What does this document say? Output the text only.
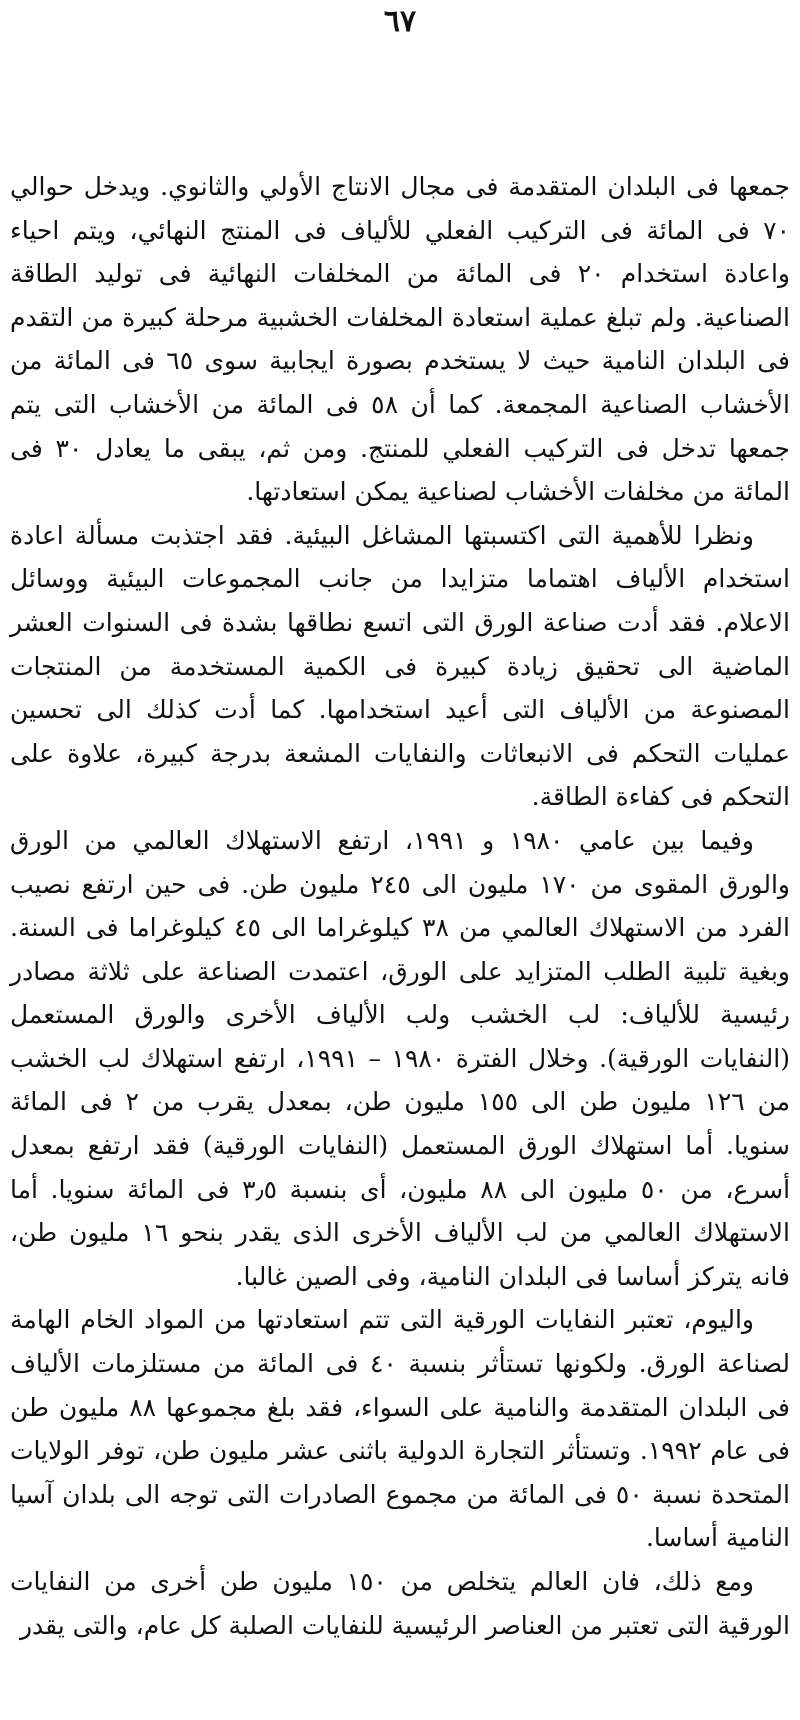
٦٧

جمعها فى البلدان المتقدمة فى مجال الانتاج الأولي والثانوي. ويدخل حوالي ٧٠ فى المائة فى التركيب الفعلي للألياف فى المنتج النهائي، ويتم احياء واعادة استخدام ٢٠ فى المائة من المخلفات النهائية فى توليد الطاقة الصناعية. ولم تبلغ عملية استعادة المخلفات الخشبية مرحلة كبيرة من التقدم فى البلدان النامية حيث لا يستخدم بصورة ايجابية سوى ٦٥ فى المائة من الأخشاب الصناعية المجمعة. كما أن ٥٨ فى المائة من الأخشاب التى يتم جمعها تدخل فى التركيب الفعلي للمنتج. ومن ثم، يبقى ما يعادل ٣٠ فى المائة من مخلفات الأخشاب لصناعية يمكن استعادتها.

ونظرا للأهمية التى اكتسبتها المشاغل البيئية. فقد اجتذبت مسألة اعادة استخدام الألياف اهتماما متزايدا من جانب المجموعات البيئية ووسائل الاعلام. فقد أدت صناعة الورق التى اتسع نطاقها بشدة فى السنوات العشر الماضية الى تحقيق زيادة كبيرة فى الكمية المستخدمة من المنتجات المصنوعة من الألياف التى أعيد استخدامها. كما أدت كذلك الى تحسين عمليات التحكم فى الانبعاثات والنفايات المشعة بدرجة كبيرة، علاوة على التحكم فى كفاءة الطاقة.

وفيما بين عامي ١٩٨٠ و ١٩٩١، ارتفع الاستهلاك العالمي من الورق والورق المقوى من ١٧٠ مليون الى ٢٤٥ مليون طن. فى حين ارتفع نصيب الفرد من الاستهلاك العالمي من ٣٨ كيلوغراما الى ٤٥ كيلوغراما فى السنة. وبغية تلبية الطلب المتزايد على الورق، اعتمدت الصناعة على ثلاثة مصادر رئيسية للألياف: لب الخشب ولب الألياف الأخرى والورق المستعمل (النفايات الورقية). وخلال الفترة ١٩٨٠ – ١٩٩١، ارتفع استهلاك لب الخشب من ١٢٦ مليون طن الى ١٥٥ مليون طن، بمعدل يقرب من ٢ فى المائة سنويا. أما استهلاك الورق المستعمل (النفايات الورقية) فقد ارتفع بمعدل أسرع، من ٥٠ مليون الى ٨٨ مليون، أى بنسبة ٣٫٥ فى المائة سنويا. أما الاستهلاك العالمي من لب الألياف الأخرى الذى يقدر بنحو ١٦ مليون طن، فانه يتركز أساسا فى البلدان النامية، وفى الصين غالبا.

واليوم، تعتبر النفايات الورقية التى تتم استعادتها من المواد الخام الهامة لصناعة الورق. ولكونها تستأثر بنسبة ٤٠ فى المائة من مستلزمات الألياف فى البلدان المتقدمة والنامية على السواء، فقد بلغ مجموعها ٨٨ مليون طن فى عام ١٩٩٢. وتستأثر التجارة الدولية باثنى عشر مليون طن، توفر الولايات المتحدة نسبة ٥٠ فى المائة من مجموع الصادرات التى توجه الى بلدان آسيا النامية أساسا.

ومع ذلك، فان العالم يتخلص من ١٥٠ مليون طن أخرى من النفايات الورقية التى تعتبر من العناصر الرئيسية للنفايات الصلبة كل عام، والتى يقدر
